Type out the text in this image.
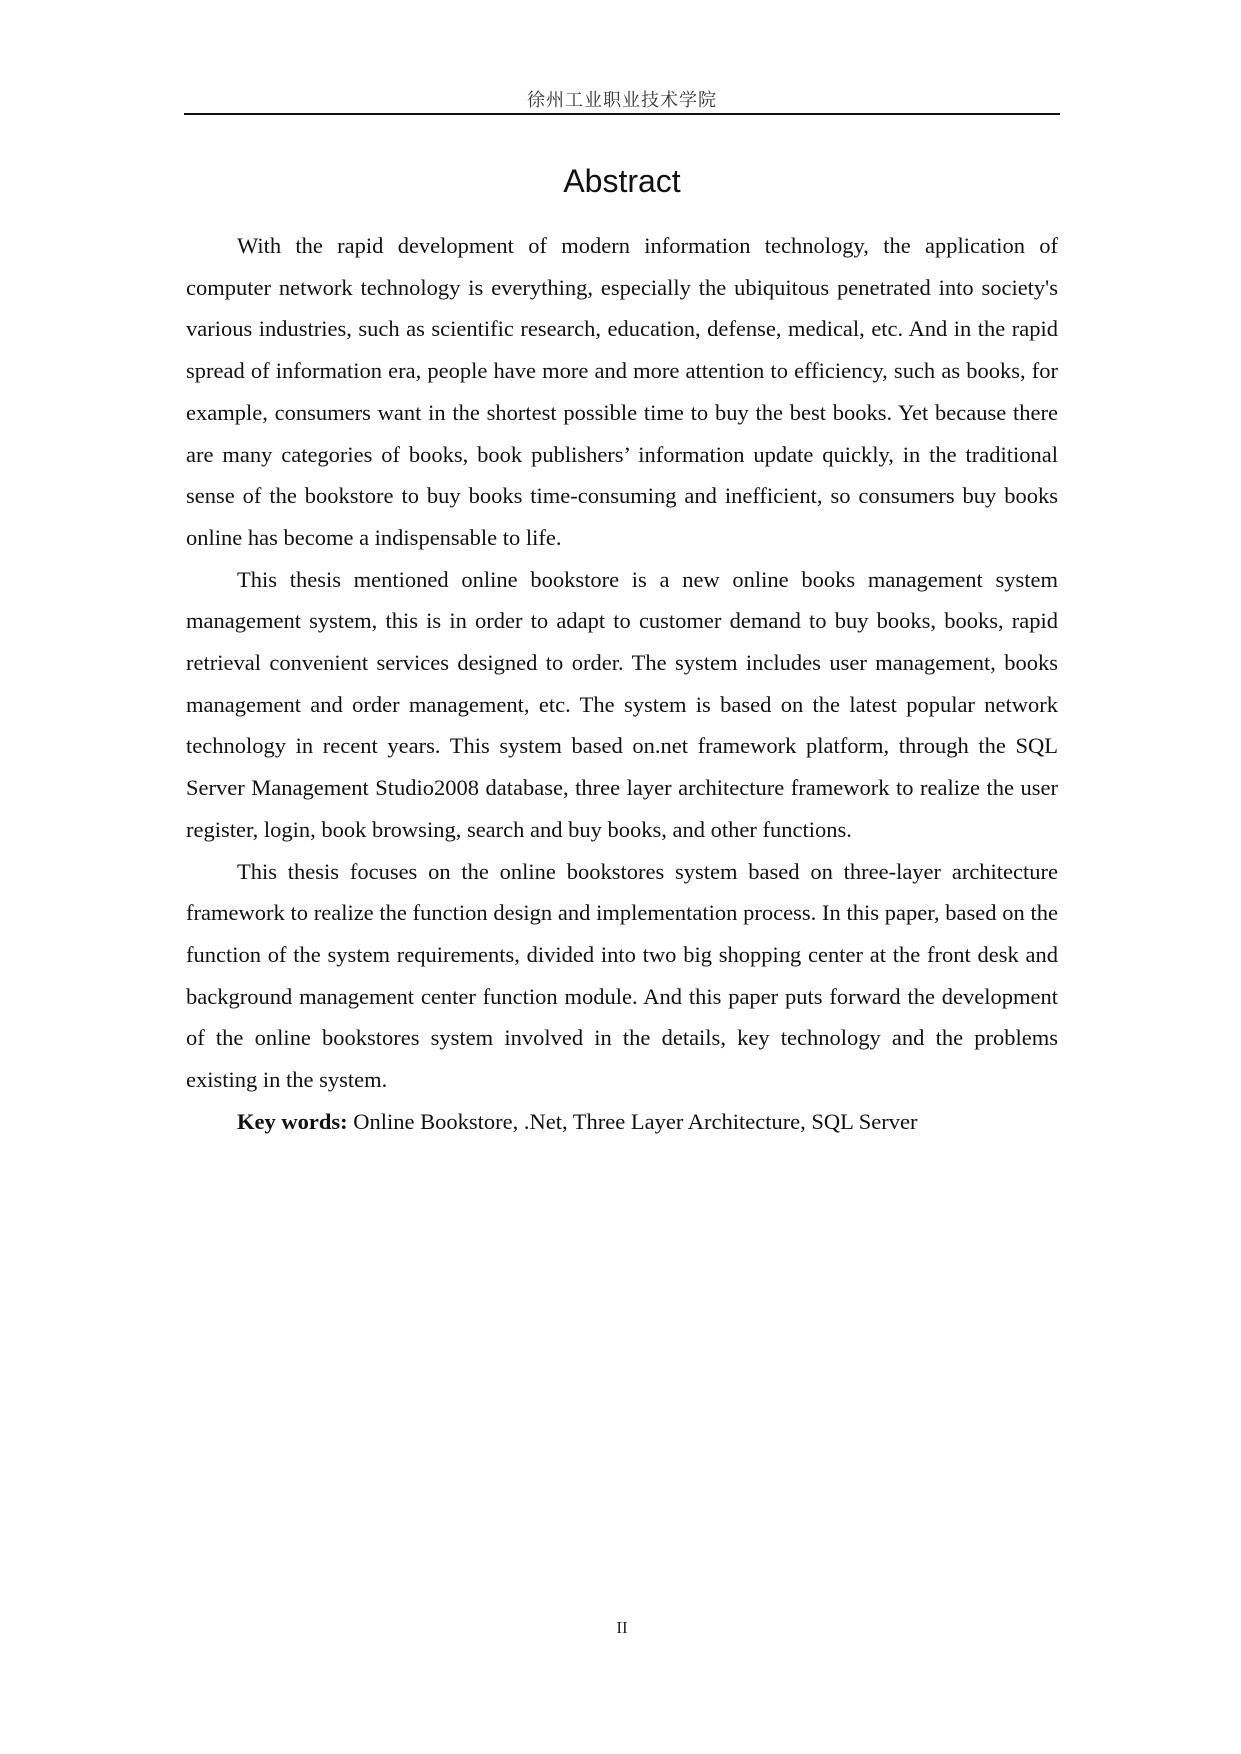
徐州工业职业技术学院
Abstract

With the rapid development of modern information technology, the application of computer network technology is everything, especially the ubiquitous penetrated into society's various industries, such as scientific research, education, defense, medical, etc. And in the rapid spread of information era, people have more and more attention to efficiency, such as books, for example, consumers want in the shortest possible time to buy the best books. Yet because there are many categories of books, book publishers’ information update quickly, in the traditional sense of the bookstore to buy books time-consuming and inefficient, so consumers buy books online has become a indispensable to life.

This thesis mentioned online bookstore is a new online books management system management system, this is in order to adapt to customer demand to buy books, books, rapid retrieval convenient services designed to order. The system includes user management, books management and order management, etc. The system is based on the latest popular network technology in recent years. This system based on.net framework platform, through the SQL Server Management Studio2008 database, three layer architecture framework to realize the user register, login, book browsing, search and buy books, and other functions.

This thesis focuses on the online bookstores system based on three-layer architecture framework to realize the function design and implementation process. In this paper, based on the function of the system requirements, divided into two big shopping center at the front desk and background management center function module. And this paper puts forward the development of the online bookstores system involved in the details, key technology and the problems existing in the system.

Key words: Online Bookstore, .Net, Three Layer Architecture, SQL Server

II
